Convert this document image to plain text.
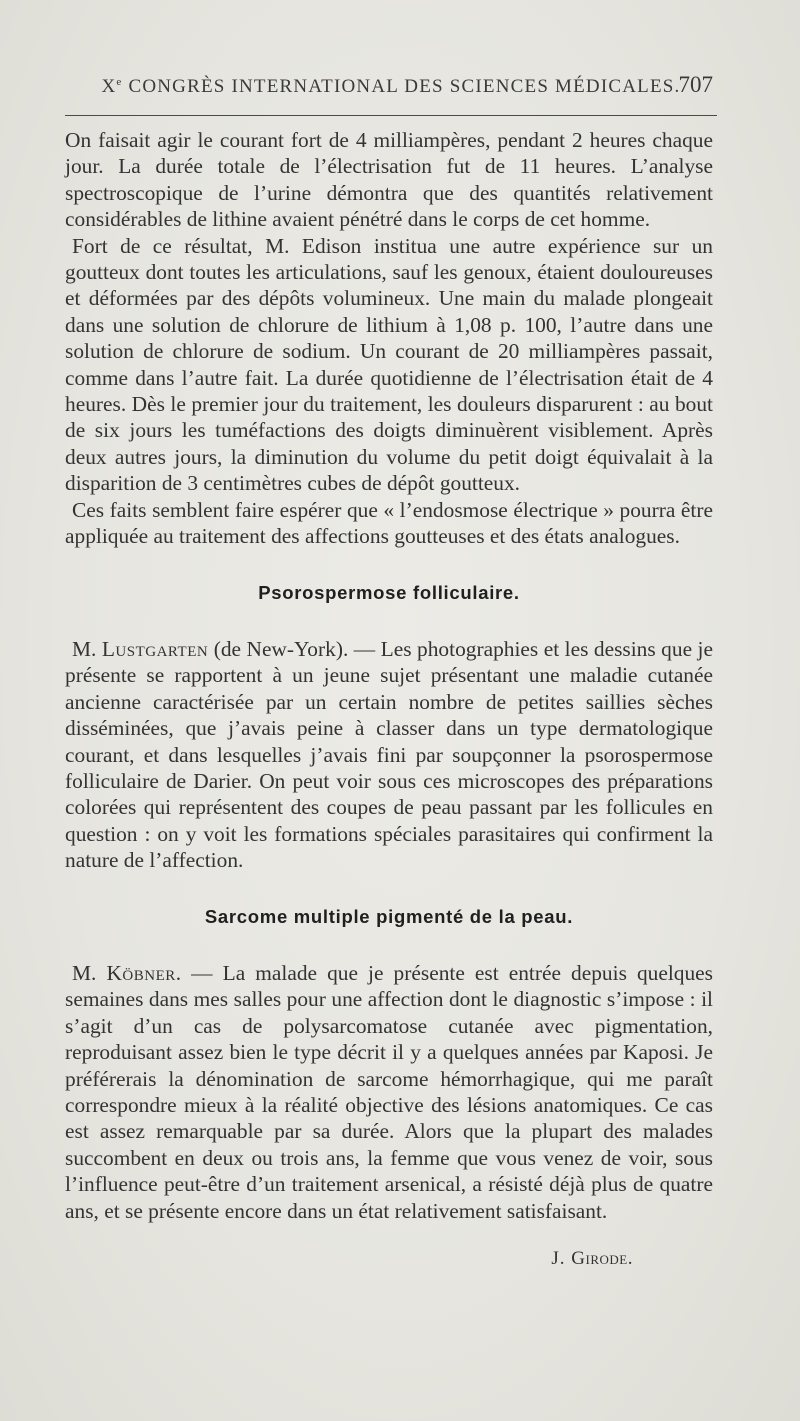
Xe CONGRÈS INTERNATIONAL DES SCIENCES MÉDICALES.
707

On faisait agir le courant fort de 4 milliampères, pendant 2 heures chaque jour. La durée totale de l’électrisation fut de 11 heures. L’analyse spectroscopique de l’urine démontra que des quantités relativement considérables de lithine avaient pénétré dans le corps de cet homme.

Fort de ce résultat, M. Edison institua une autre expérience sur un goutteux dont toutes les articulations, sauf les genoux, étaient douloureuses et déformées par des dépôts volumineux. Une main du malade plongeait dans une solution de chlorure de lithium à 1,08 p. 100, l’autre dans une solution de chlorure de sodium. Un courant de 20 milliampères passait, comme dans l’autre fait. La durée quotidienne de l’électrisation était de 4 heures. Dès le premier jour du traitement, les douleurs disparurent : au bout de six jours les tuméfactions des doigts diminuèrent visiblement. Après deux autres jours, la diminution du volume du petit doigt équivalait à la disparition de 3 centimètres cubes de dépôt goutteux.

Ces faits semblent faire espérer que « l’endosmose électrique » pourra être appliquée au traitement des affections goutteuses et des états analogues.

Psorospermose folliculaire.

M. Lustgarten (de New-York). — Les photographies et les dessins que je présente se rapportent à un jeune sujet présentant une maladie cutanée ancienne caractérisée par un certain nombre de petites saillies sèches disséminées, que j’avais peine à classer dans un type dermatologique courant, et dans lesquelles j’avais fini par soupçonner la psorospermose folliculaire de Darier. On peut voir sous ces microscopes des préparations colorées qui représentent des coupes de peau passant par les follicules en question : on y voit les formations spéciales parasitaires qui confirment la nature de l’affection.

Sarcome multiple pigmenté de la peau.

M. Köbner. — La malade que je présente est entrée depuis quelques semaines dans mes salles pour une affection dont le diagnostic s’impose : il s’agit d’un cas de polysarcomatose cutanée avec pigmentation, reproduisant assez bien le type décrit il y a quelques années par Kaposi. Je préférerais la dénomination de sarcome hémorrhagique, qui me paraît correspondre mieux à la réalité objective des lésions anatomiques. Ce cas est assez remarquable par sa durée. Alors que la plupart des malades succombent en deux ou trois ans, la femme que vous venez de voir, sous l’influence peut-être d’un traitement arsenical, a résisté déjà plus de quatre ans, et se présente encore dans un état relativement satisfaisant.

J. Girode.
